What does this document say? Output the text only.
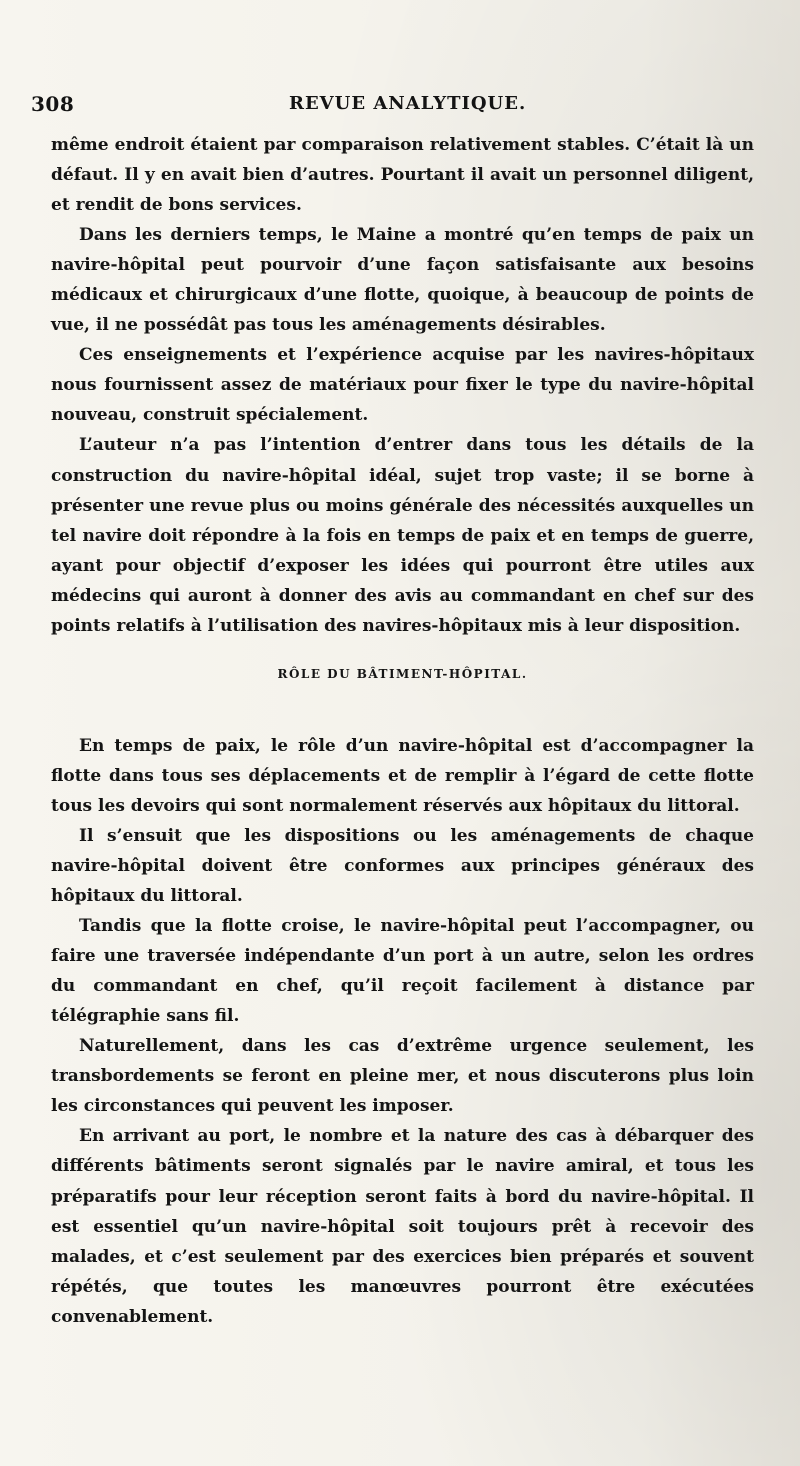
308	REVUE ANALYTIQUE.

même endroit étaient par comparaison relativement stables. C’était là un défaut. Il y en avait bien d’autres. Pourtant il avait un personnel diligent, et rendit de bons services.

Dans les derniers temps, le Maine a montré qu’en temps de paix un navire-hôpital peut pourvoir d’une façon satisfaisante aux besoins médicaux et chirurgicaux d’une flotte, quoique, à beaucoup de points de vue, il ne possédât pas tous les aménagements désirables.

Ces enseignements et l’expérience acquise par les navires-hôpitaux nous fournissent assez de matériaux pour fixer le type du navire-hôpital nouveau, construit spécialement.

L’auteur n’a pas l’intention d’entrer dans tous les détails de la construction du navire-hôpital idéal, sujet trop vaste; il se borne à présenter une revue plus ou moins générale des nécessités auxquelles un tel navire doit répondre à la fois en temps de paix et en temps de guerre, ayant pour objectif d’exposer les idées qui pourront être utiles aux médecins qui auront à donner des avis au commandant en chef sur des points relatifs à l’utilisation des navires-hôpitaux mis à leur disposition.

RÔLE DU BÂTIMENT-HÔPITAL.

En temps de paix, le rôle d’un navire-hôpital est d’accompagner la flotte dans tous ses déplacements et de remplir à l’égard de cette flotte tous les devoirs qui sont normalement réservés aux hôpitaux du littoral.

Il s’ensuit que les dispositions ou les aménagements de chaque navire-hôpital doivent être conformes aux principes généraux des hôpitaux du littoral.

Tandis que la flotte croise, le navire-hôpital peut l’accompagner, ou faire une traversée indépendante d’un port à un autre, selon les ordres du commandant en chef, qu’il reçoit facilement à distance par télégraphie sans fil.

Naturellement, dans les cas d’extrême urgence seulement, les transbordements se feront en pleine mer, et nous discuterons plus loin les circonstances qui peuvent les imposer.

En arrivant au port, le nombre et la nature des cas à débarquer des différents bâtiments seront signalés par le navire amiral, et tous les préparatifs pour leur réception seront faits à bord du navire-hôpital. Il est essentiel qu’un navire-hôpital soit toujours prêt à recevoir des malades, et c’est seulement par des exercices bien préparés et souvent répétés, que toutes les manœuvres pourront être exécutées convenablement.
